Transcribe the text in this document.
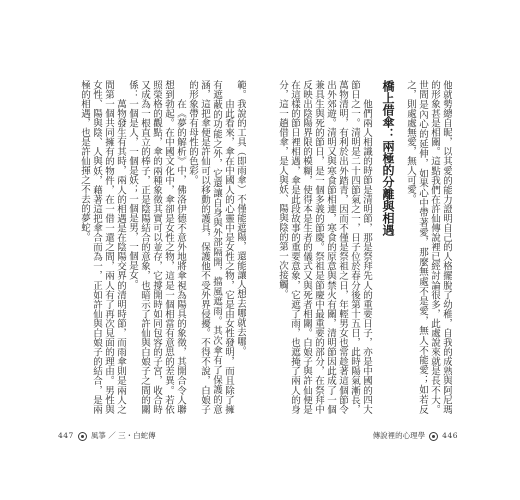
範。我說的工具（即雨傘）不僅能遮陽，還能讓人想去哪就去哪。

由此看來，傘在中國人的心靈中是女性之物，它是由女性發明，而且除了擁有遮蔽的功能之外，它還讓自身與外部隔開，擋風遮雨。其次傘有了保護的意涵，這把傘便是許仙可以移動的護具，保護他不受外界侵擾。不得不說，白娘子的形象帶有母性的色彩。

在《夢的解析》中，佛洛伊德不意外地將傘視為陽具的象徵，其開合令人聯想到勃起。在中國文化中，傘卻是女性之物，這是一個相當有意思的差異。若依照榮格的觀點，傘的兩種象徵其實可以並存，它撐開時如同包容的子宮，收合時又成為一根直立的棒子，正是陰陽結合的意象，也暗示了許仙與白娘子之間的關係：一個是人，一個是妖；一個是男，一個是女。

萬物發生有其時，兩人的相遇是在陰陽交界的清明時節，而雨傘則是兩人之間第一個共同擁有的物件，在一借一還之間，兩人有了再次見面的理由。男性與女性、陽與陰、人與妖，藉著這把傘合而為一，正如許仙與白娘子的結合，是兩極的相遇，也是許仙揮之不去的夢蛇。

447 風箏 ／ 三・白蛇傳

他就勢總自昵，以其愛的能力證明自己的人格擺脫了幼稚，自我的成熟與阿尼瑪的形象甚是相關。這點我們在許仙傳說裡已經討論很多，此處說來就是長不大。世間是內心的延伸，如果心中帶著愛，那麼無處不是愛，無人不能愛；如若反之，則處處無愛，無人可愛。

橋上借傘：兩極的分離與相遇

他們兩人相識的時節是清明節，那是祭拜先人的重要日子，亦是中國的四大節日之一。清明是二十四節氣之一，日子位於春分後第十五日，此時陽氣漸長，萬物清明，有利於出外踏青，因而不僅是祭祖之日，年輕男女也常趁著這個節令出外郊遊。清明又與寒食節相連，寒食的原意與禁火有關，清明節因此成了一個兼具生與死的節日，是一個多義的節慶。祭祖是節慶中最重要的部分，在祭拜中反映出陰陽界限的模糊，使得本是生者的儀式又與死者相關。白娘子與許仙便是在這樣的節日裡相遇，傘是此段故事的重要意象，它遮了雨，也遮掩了兩人的身分，這一趟借傘，是人與妖、陽與陰的第一次接觸。

傳說裡的心理學 446
